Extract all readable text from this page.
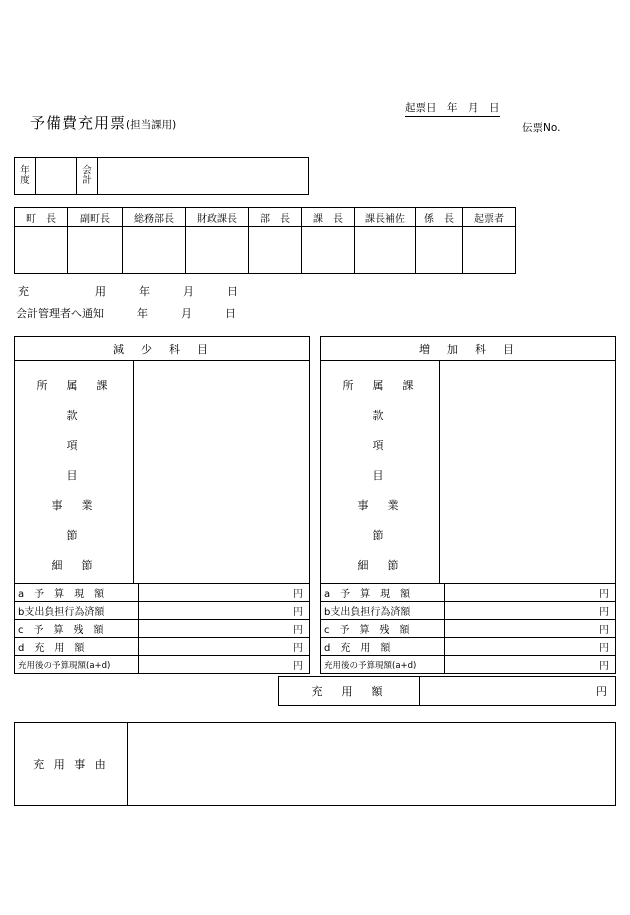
予備費充用票(担当課用)
起票日　年　月　日
伝票No.
年度		会計	
町　長	副町長	総務部長	財政課長	部　長	課　長	課長補佐	係　長	起票者

充　　　　　　用　　　年　　　月　　　日
会計管理者へ通知　　　年　　　月　　　日
減　少　科　目
所　属　課
款
項
目
事　業
節
細　節
a　予　算　現　額	円
b支出負担行為済額	円
c　予　算　残　額	円
d　充　用　額	円
充用後の予算現額(a+d)	円
増　加　科　目
所　属　課
款
項
目
事　業
節
細　節
a　予　算　現　額	円
b支出負担行為済額	円
c　予　算　残　額	円
d　充　用　額	円
充用後の予算現額(a+d)	円
充　用　額	円
充 用 事 由	
